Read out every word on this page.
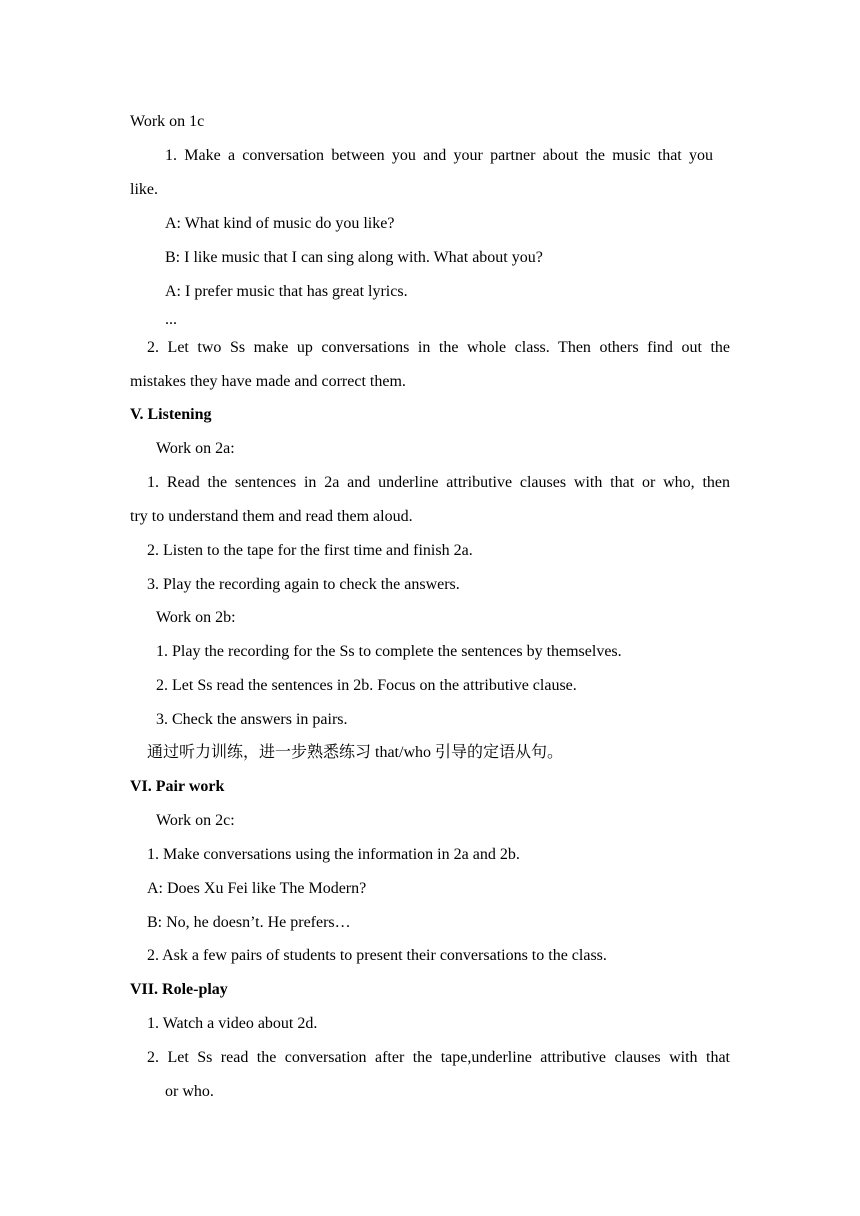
Work on 1c
1. Make a conversation between you and your partner about the music that you
like.
A: What kind of music do you like?
B: I like music that I can sing along with. What about you?
A: I prefer music that has great lyrics.
...
2. Let two Ss make up conversations in the whole class. Then others find out the
mistakes they have made and correct them.
V. Listening
Work on 2a:
1. Read the sentences in 2a and underline attributive clauses with that or who, then
try to understand them and read them aloud.
2. Listen to the tape for the first time and finish 2a.
3. Play the recording again to check the answers.
Work on 2b:
1. Play the recording for the Ss to complete the sentences by themselves.
2. Let Ss read the sentences in 2b. Focus on the attributive clause.
3. Check the answers in pairs.
通过听力训练，进一步熟悉练习 that/who 引导的定语从句。
VI. Pair work
Work on 2c:
1. Make conversations using the information in 2a and 2b.
A: Does Xu Fei like The Modern?
B: No, he doesn’t. He prefers…
2. Ask a few pairs of students to present their conversations to the class.
VII. Role-play
1. Watch a video about 2d.
2. Let Ss read the conversation after the tape,underline attributive clauses with that
or who.
